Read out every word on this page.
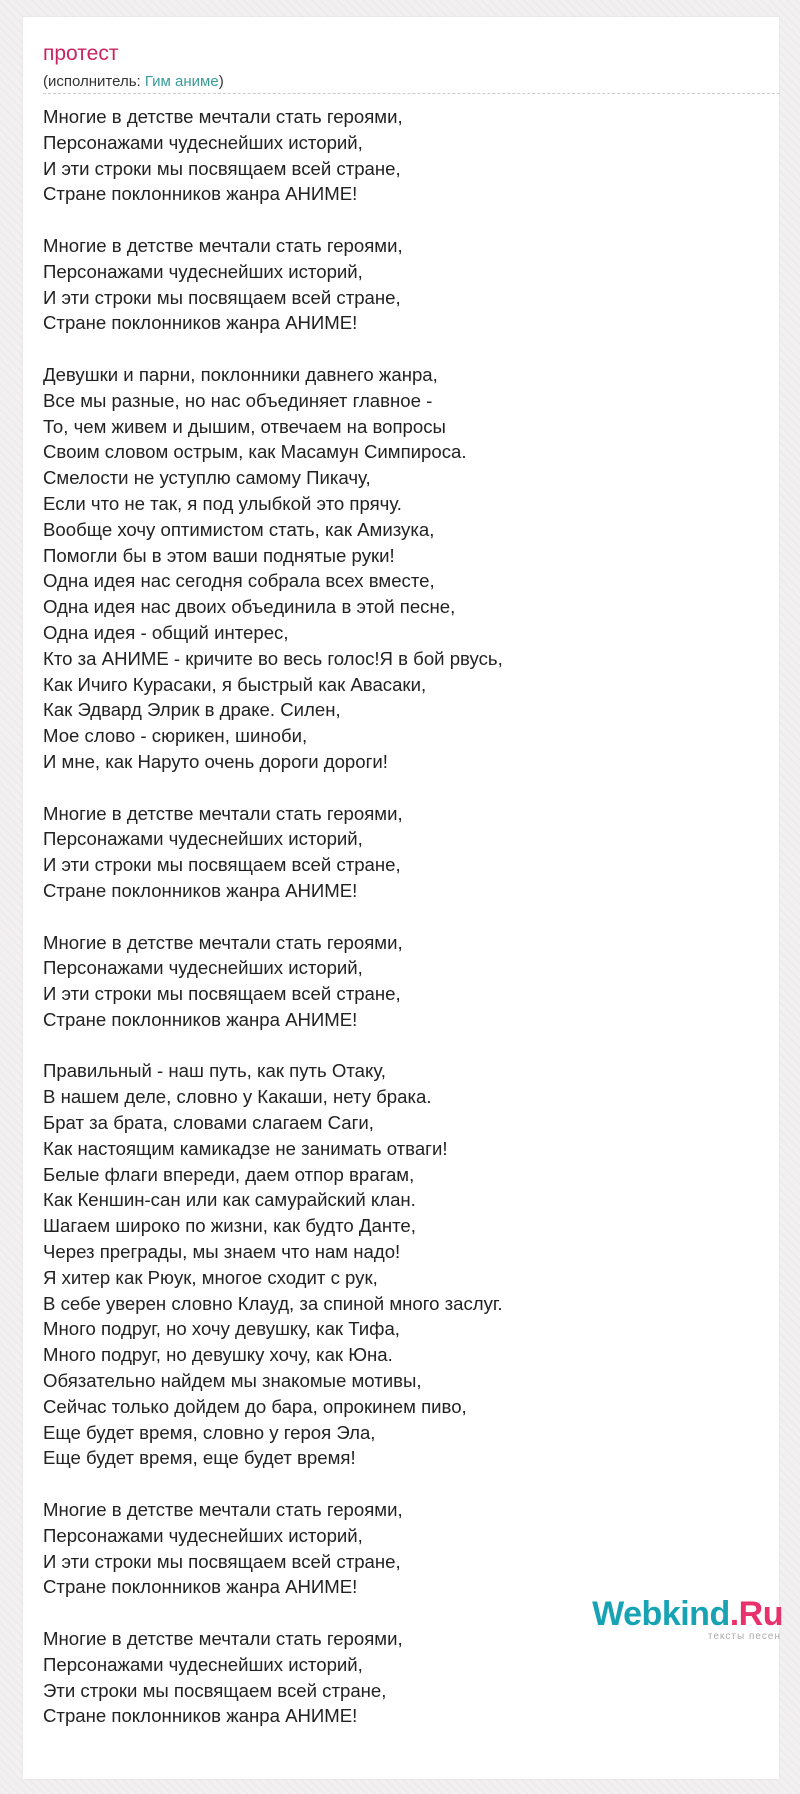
протест
(исполнитель: Гим аниме)
Многие в детстве мечтали стать героями,
Персонажами чудеснейших историй,
И эти строки мы посвящаем всей стране,
Стране поклонников жанра АНИМЕ!
Многие в детстве мечтали стать героями,
Персонажами чудеснейших историй,
И эти строки мы посвящаем всей стране,
Стране поклонников жанра АНИМЕ!
Девушки и парни, поклонники давнего жанра,
Все мы разные, но нас объединяет главное -
То, чем живем и дышим, отвечаем на вопросы
Своим словом острым, как Масамун Симпироса.
Смелости не уступлю самому Пикачу,
Если что не так, я под улыбкой это прячу.
Вообще хочу оптимистом стать, как Амизука,
Помогли бы в этом ваши поднятые руки!
Одна идея нас сегодня собрала всех вместе,
Одна идея нас двоих объединила в этой песне,
Одна идея - общий интерес,
Кто за АНИМЕ - кричите во весь голос!Я в бой рвусь,
Как Ичиго Курасаки, я быстрый как Авасаки,
Как Эдвард Элрик в драке. Силен,
Мое слово - сюрикен, шиноби,
И мне, как Наруто очень дороги дороги!
Многие в детстве мечтали стать героями,
Персонажами чудеснейших историй,
И эти строки мы посвящаем всей стране,
Стране поклонников жанра АНИМЕ!
Многие в детстве мечтали стать героями,
Персонажами чудеснейших историй,
И эти строки мы посвящаем всей стране,
Стране поклонников жанра АНИМЕ!
Правильный - наш путь, как путь Отаку,
В нашем деле, словно у Какаши, нету брака.
Брат за брата, словами слагаем Саги,
Как настоящим камикадзе не занимать отваги!
Белые флаги впереди, даем отпор врагам,
Как Кеншин-сан или как самурайский клан.
Шагаем широко по жизни, как будто Данте,
Через преграды, мы знаем что нам надо!
Я хитер как Рюук, многое сходит с рук,
В себе уверен словно Клауд, за спиной много заслуг.
Много подруг, но хочу девушку, как Тифа,
Много подруг, но девушку хочу, как Юна.
Обязательно найдем мы знакомые мотивы,
Сейчас только дойдем до бара, опрокинем пиво,
Еще будет время, словно у героя Эла,
Еще будет время, еще будет время!
Многие в детстве мечтали стать героями,
Персонажами чудеснейших историй,
И эти строки мы посвящаем всей стране,
Стране поклонников жанра АНИМЕ!
Многие в детстве мечтали стать героями,
Персонажами чудеснейших историй,
Эти строки мы посвящаем всей стране,
Стране поклонников жанра АНИМЕ!
Webkind.Ru
тексты песен
